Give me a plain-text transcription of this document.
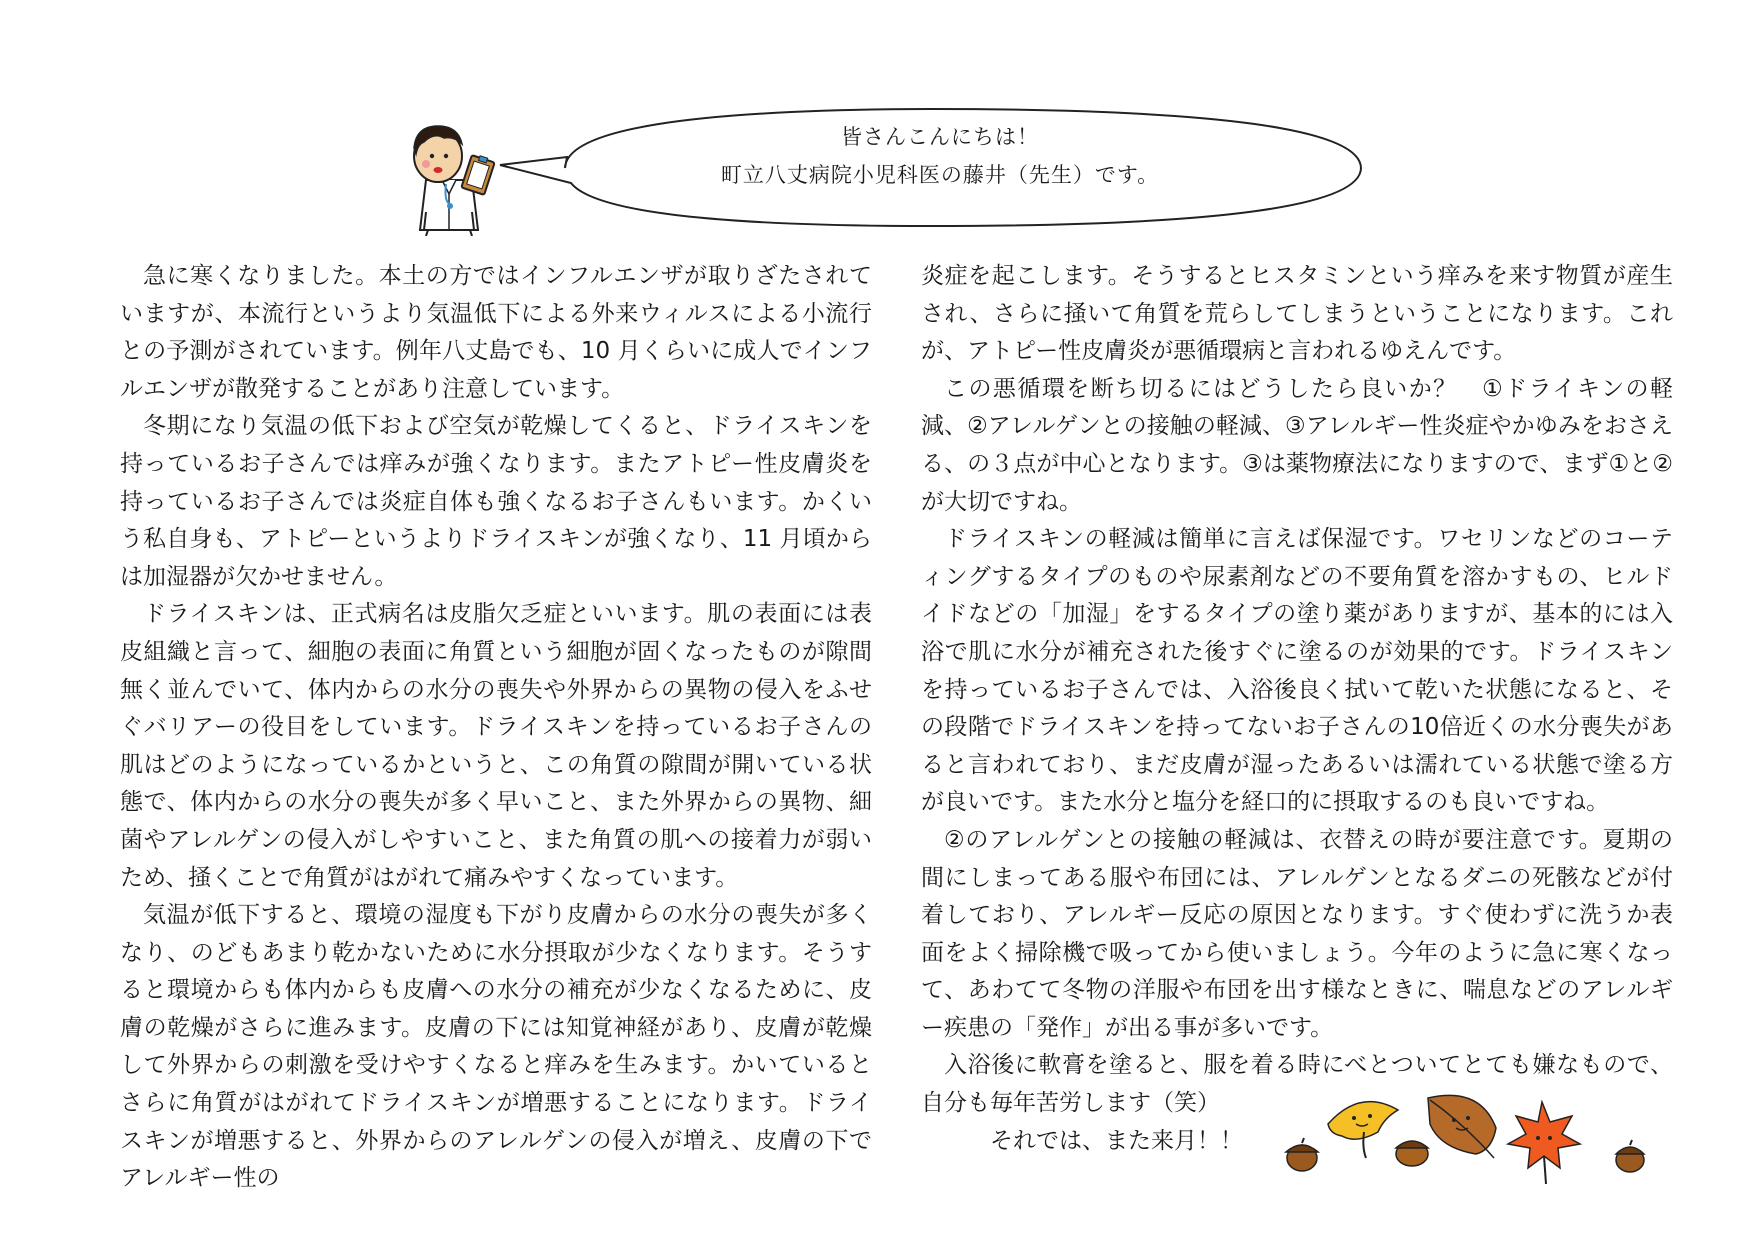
皆さんこんにちは！
町立八丈病院小児科医の藤井（先生）です。

急に寒くなりました。本土の方ではインフルエンザが取りざたされていますが、本流行というより気温低下による外来ウィルスによる小流行との予測がされています。例年八丈島でも、10 月くらいに成人でインフルエンザが散発することがあり注意しています。

冬期になり気温の低下および空気が乾燥してくると、ドライスキンを持っているお子さんでは痒みが強くなります。またアトピー性皮膚炎を持っているお子さんでは炎症自体も強くなるお子さんもいます。かくいう私自身も、アトピーというよりドライスキンが強くなり、11 月頃からは加湿器が欠かせません。

ドライスキンは、正式病名は皮脂欠乏症といいます。肌の表面には表皮組織と言って、細胞の表面に角質という細胞が固くなったものが隙間無く並んでいて、体内からの水分の喪失や外界からの異物の侵入をふせぐバリアーの役目をしています。ドライスキンを持っているお子さんの肌はどのようになっているかというと、この角質の隙間が開いている状態で、体内からの水分の喪失が多く早いこと、また外界からの異物、細菌やアレルゲンの侵入がしやすいこと、また角質の肌への接着力が弱いため、掻くことで角質がはがれて痛みやすくなっています。

気温が低下すると、環境の湿度も下がり皮膚からの水分の喪失が多くなり、のどもあまり乾かないために水分摂取が少なくなります。そうすると環境からも体内からも皮膚への水分の補充が少なくなるために、皮膚の乾燥がさらに進みます。皮膚の下には知覚神経があり、皮膚が乾燥して外界からの刺激を受けやすくなると痒みを生みます。かいているとさらに角質がはがれてドライスキンが増悪することになります。ドライスキンが増悪すると、外界からのアレルゲンの侵入が増え、皮膚の下でアレルギー性の

炎症を起こします。そうするとヒスタミンという痒みを来す物質が産生され、さらに掻いて角質を荒らしてしまうということになります。これが、アトピー性皮膚炎が悪循環病と言われるゆえんです。

この悪循環を断ち切るにはどうしたら良いか？　①ドライキンの軽減、②アレルゲンとの接触の軽減、③アレルギー性炎症やかゆみをおさえる、の３点が中心となります。③は薬物療法になりますので、まず①と②が大切ですね。

ドライスキンの軽減は簡単に言えば保湿です。ワセリンなどのコーティングするタイプのものや尿素剤などの不要角質を溶かすもの、ヒルドイドなどの「加湿」をするタイプの塗り薬がありますが、基本的には入浴で肌に水分が補充された後すぐに塗るのが効果的です。ドライスキンを持っているお子さんでは、入浴後良く拭いて乾いた状態になると、その段階でドライスキンを持ってないお子さんの10倍近くの水分喪失があると言われており、まだ皮膚が湿ったあるいは濡れている状態で塗る方が良いです。また水分と塩分を経口的に摂取するのも良いですね。

②のアレルゲンとの接触の軽減は、衣替えの時が要注意です。夏期の間にしまってある服や布団には、アレルゲンとなるダニの死骸などが付着しており、アレルギー反応の原因となります。すぐ使わずに洗うか表面をよく掃除機で吸ってから使いましょう。今年のように急に寒くなって、あわてて冬物の洋服や布団を出す様なときに、喘息などのアレルギー疾患の「発作」が出る事が多いです。

入浴後に軟膏を塗ると、服を着る時にべとついてとても嫌なもので、自分も毎年苦労します（笑）

それでは、また来月！！
